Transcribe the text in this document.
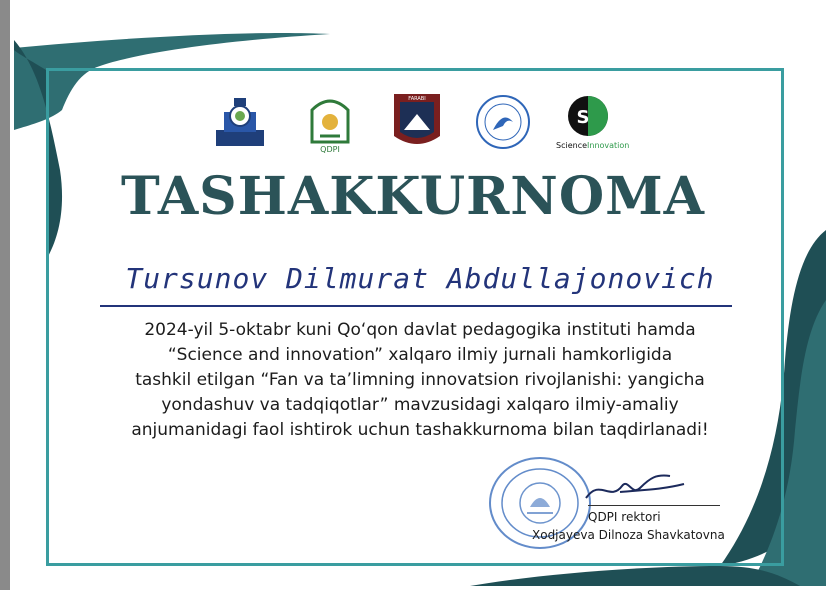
QDPI
FARABI
S
ScienceInnovation
TASHAKKURNOMA
Tursunov Dilmurat Abdullajonovich
2024-yil 5-oktabr kuni Qo‘qon davlat pedagogika instituti hamda
“Science and innovation” xalqaro ilmiy jurnali hamkorligida
tashkil etilgan “Fan va ta’limning innovatsion rivojlanishi: yangicha
yondashuv va tadqiqotlar” mavzusidagi xalqaro ilmiy-amaliy
anjumanidagi faol ishtirok uchun tashakkurnoma bilan taqdirlanadi!
QDPI rektori
Xodjayeva Dilnoza Shavkatovna
